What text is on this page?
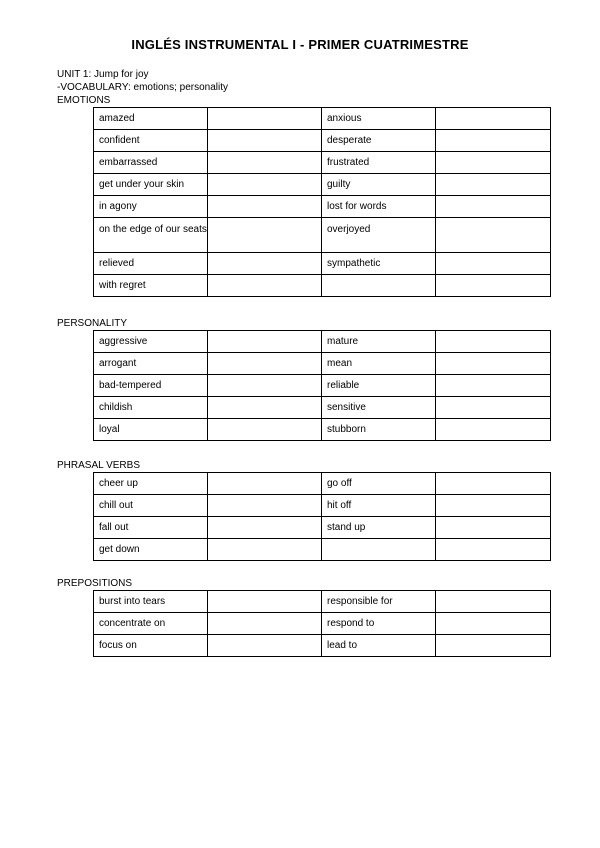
INGLÉS INSTRUMENTAL I - PRIMER CUATRIMESTRE
UNIT 1: Jump for joy
-VOCABULARY: emotions; personality
EMOTIONS
amazed		anxious	
confident		desperate	
embarrassed		frustrated	
get under your skin		guilty	
in agony		lost for words	

on the edge of our seats		overjoyed	

relieved		sympathetic	
with regret			
PERSONALITY
aggressive		mature	
arrogant		mean	
bad-tempered		reliable	
childish		sensitive	
loyal		stubborn	
PHRASAL VERBS
cheer up		go off	
chill out		hit off	
fall out		stand up	
get down			
PREPOSITIONS
burst into tears		responsible for	
concentrate on		respond to	
focus on		lead to	
